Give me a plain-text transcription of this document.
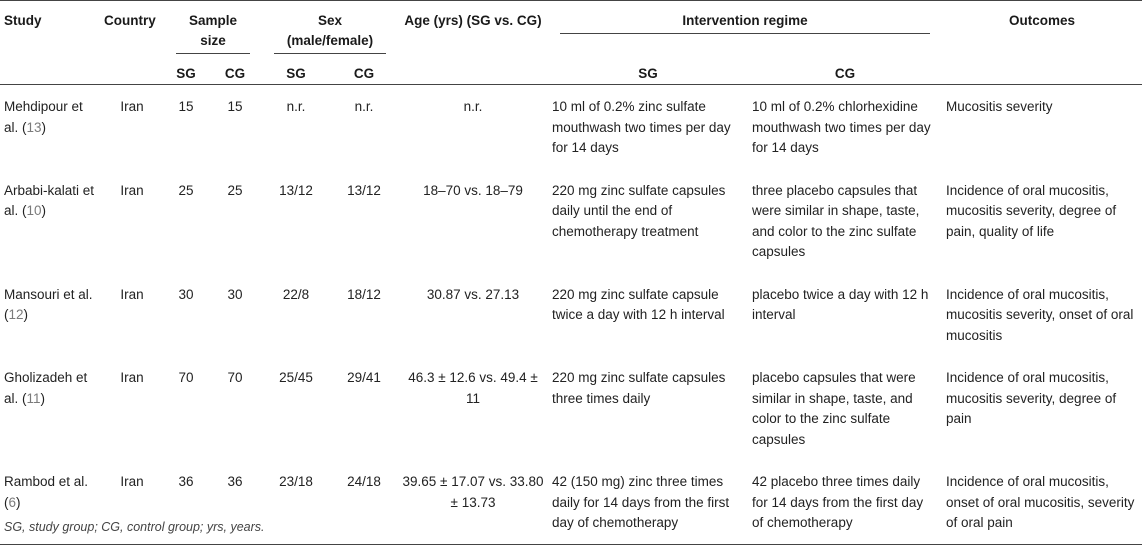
Study	Country	Sample size		Sex (male/female)		Age (yrs) (SG vs. CG)	Intervention regime		Outcomes
		SG	CG	SG	CG		SG	CG	
Mehdipour et al. (13)	Iran	15	15	n.r.	n.r.	n.r.	10 ml of 0.2% zinc sulfate mouthwash two times per day for 14 days	10 ml of 0.2% chlorhexidine mouthwash two times per day for 14 days	Mucositis severity
Arbabi-kalati et al. (10)	Iran	25	25	13/12	13/12	18–70 vs. 18–79	220 mg zinc sulfate capsules daily until the end of chemotherapy treatment	three placebo capsules that were similar in shape, taste, and color to the zinc sulfate capsules	Incidence of oral mucositis, mucositis severity, degree of pain, quality of life
Mansouri et al. (12)	Iran	30	30	22/8	18/12	30.87 vs. 27.13	220 mg zinc sulfate capsule twice a day with 12 h interval	placebo twice a day with 12 h interval	Incidence of oral mucositis, mucositis severity, onset of oral mucositis
Gholizadeh et al. (11)	Iran	70	70	25/45	29/41	46.3 ± 12.6 vs. 49.4 ± 11	220 mg zinc sulfate capsules three times daily	placebo capsules that were similar in shape, taste, and color to the zinc sulfate capsules	Incidence of oral mucositis, mucositis severity, degree of pain
Rambod et al. (6)	Iran	36	36	23/18	24/18	39.65 ± 17.07 vs. 33.80 ± 13.73	42 (150 mg) zinc three times daily for 14 days from the first day of chemotherapy	42 placebo three times daily for 14 days from the first day of chemotherapy	Incidence of oral mucositis, onset of oral mucositis, severity of oral pain

SG, study group; CG, control group; yrs, years.
